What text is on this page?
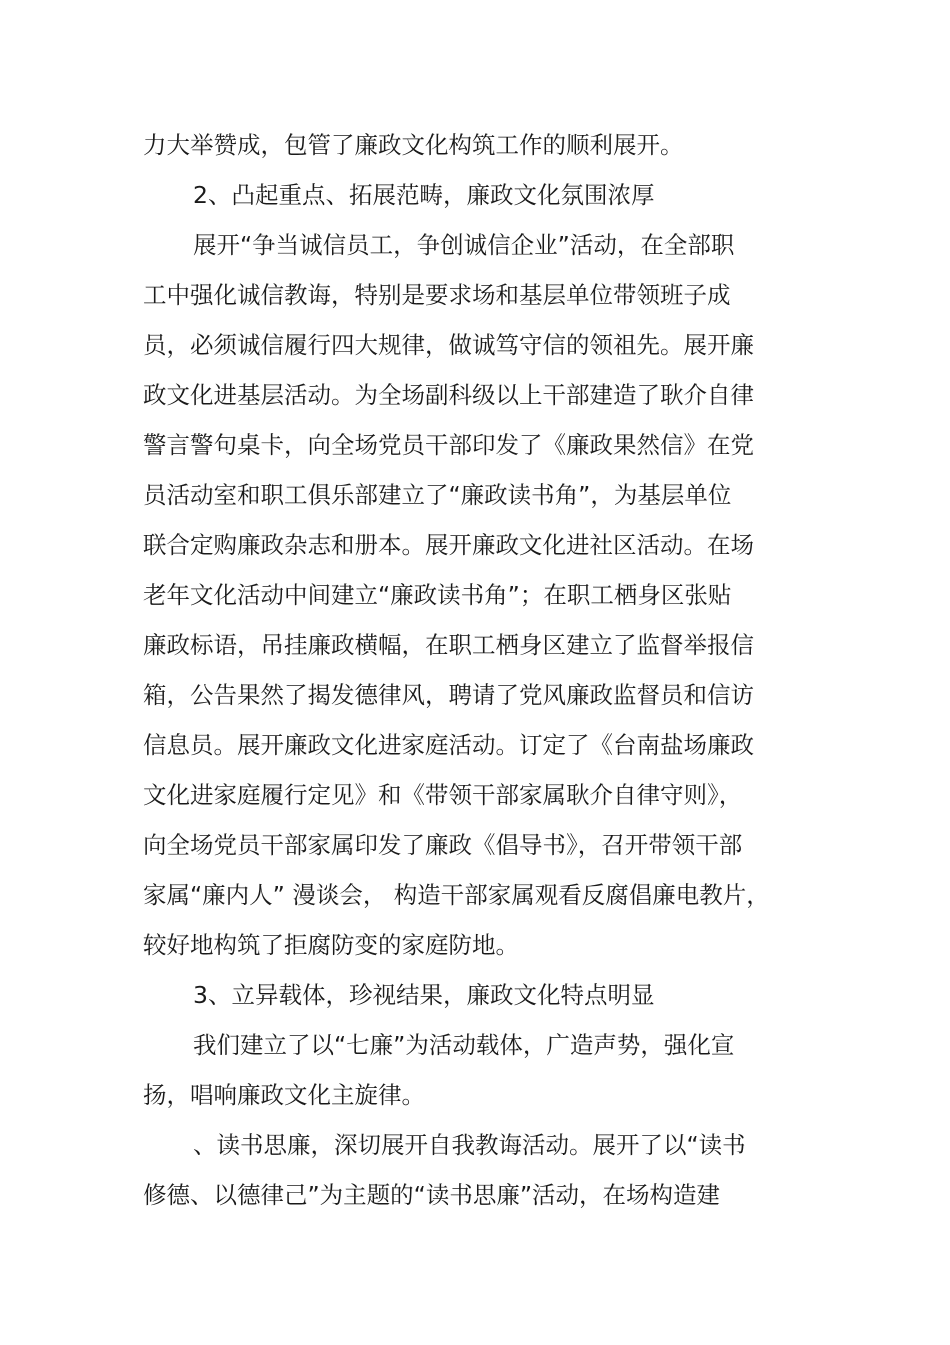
力大举赞成，包管了廉政文化构筑工作的顺利展开。
2、凸起重点、拓展范畴，廉政文化氛围浓厚
展开“争当诚信员工，争创诚信企业”活动，在全部职
工中强化诚信教诲，特别是要求场和基层单位带领班子成
员，必须诚信履行四大规律，做诚笃守信的领祖先。展开廉
政文化进基层活动。为全场副科级以上干部建造了耿介自律
警言警句桌卡，向全场党员干部印发了《廉政果然信》在党
员活动室和职工俱乐部建立了“廉政读书角”，为基层单位
联合定购廉政杂志和册本。展开廉政文化进社区活动。在场
老年文化活动中间建立“廉政读书角”；在职工栖身区张贴
廉政标语，吊挂廉政横幅，在职工栖身区建立了监督举报信
箱，公告果然了揭发德律风，聘请了党风廉政监督员和信访
信息员。展开廉政文化进家庭活动。订定了《台南盐场廉政
文化进家庭履行定见》和《带领干部家属耿介自律守则》，
向全场党员干部家属印发了廉政《倡导书》，召开带领干部
家属“廉内人” 漫谈会， 构造干部家属观看反腐倡廉电教片，
较好地构筑了拒腐防变的家庭防地。
3、立异载体，珍视结果，廉政文化特点明显
我们建立了以“七廉”为活动载体，广造声势，强化宣
扬，唱响廉政文化主旋律。
、读书思廉，深切展开自我教诲活动。展开了以“读书
修德、以德律己”为主题的“读书思廉”活动，在场构造建
